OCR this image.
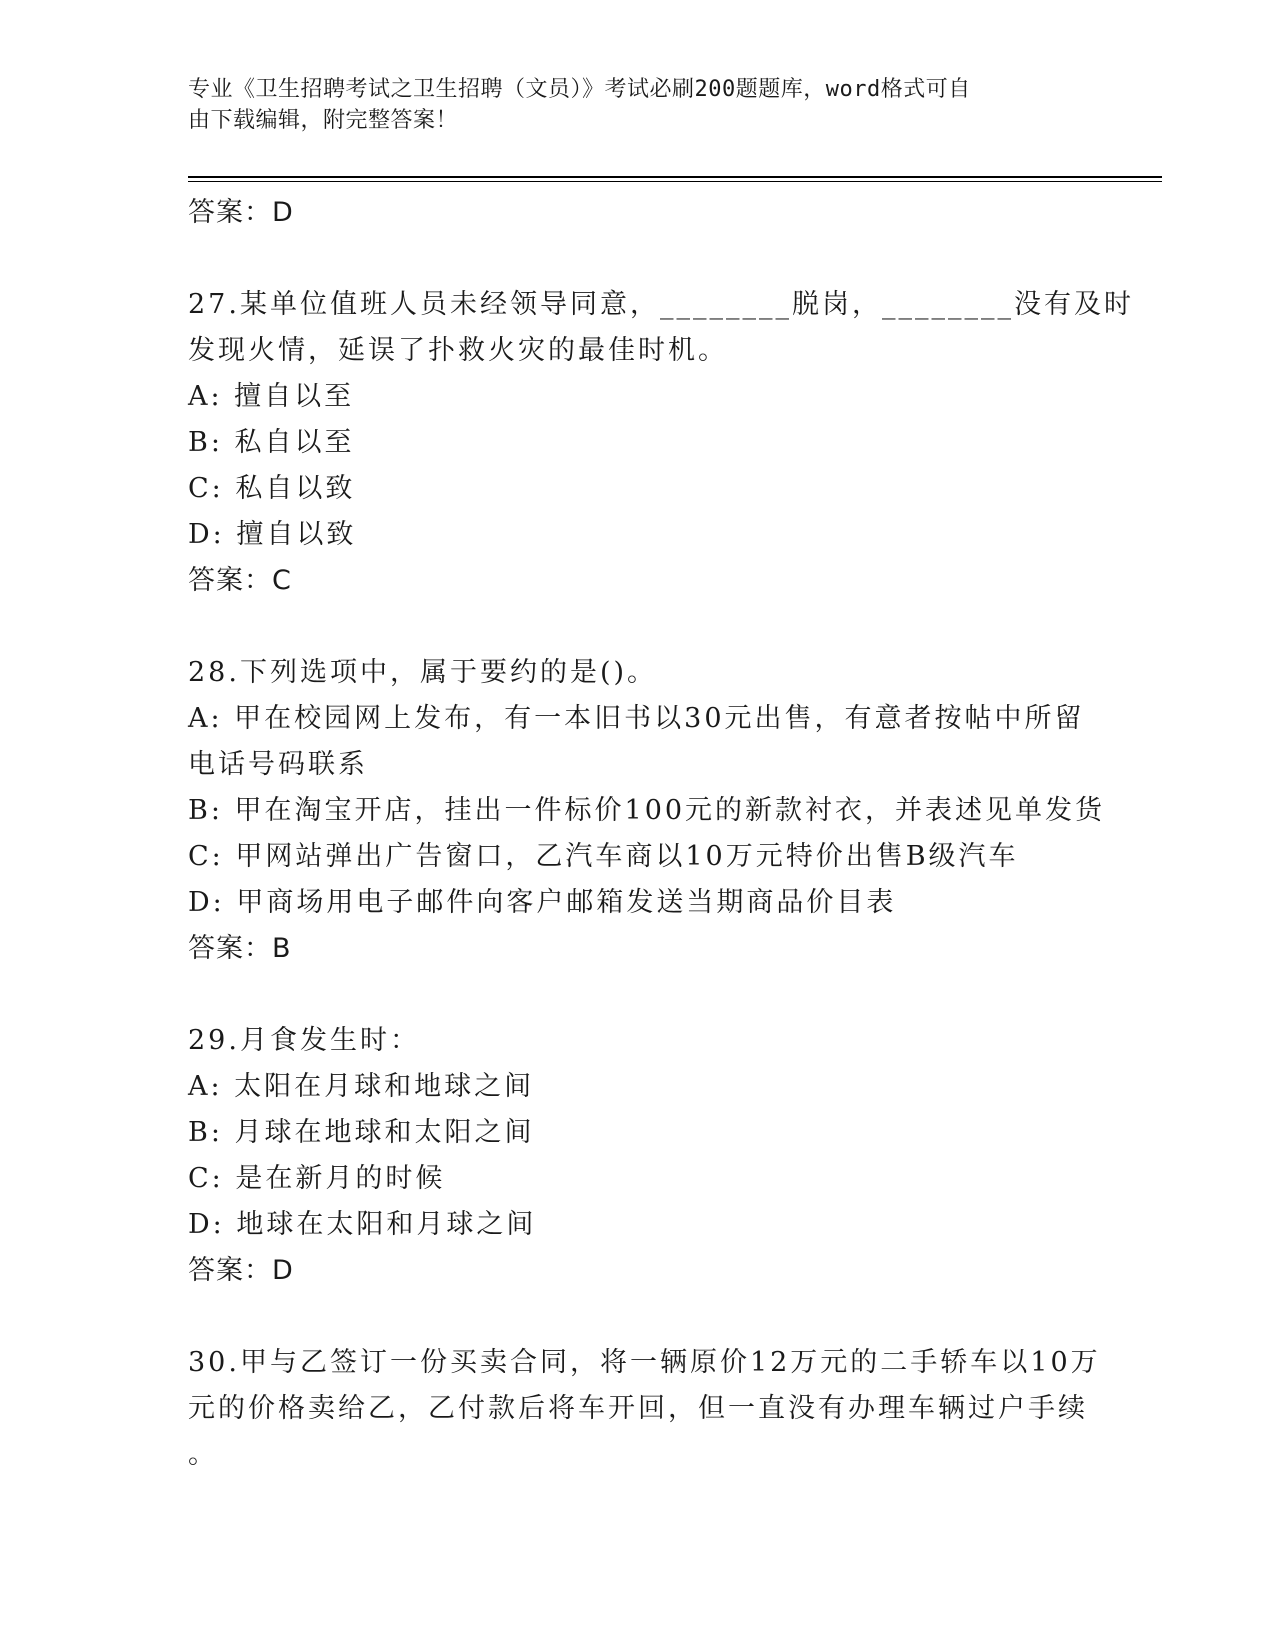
专业《卫生招聘考试之卫生招聘（文员）》考试必刷200题题库，word格式可自
由下载编辑，附完整答案！
答案：D
27.某单位值班人员未经领导同意，________脱岗，________没有及时
发现火情，延误了扑救火灾的最佳时机。
A: 擅自以至
B: 私自以至
C: 私自以致
D: 擅自以致
答案：C
28.下列选项中，属于要约的是()。
A: 甲在校园网上发布，有一本旧书以30元出售，有意者按帖中所留
电话号码联系
B: 甲在淘宝开店，挂出一件标价100元的新款衬衣，并表述见单发货
C: 甲网站弹出广告窗口，乙汽车商以10万元特价出售B级汽车
D: 甲商场用电子邮件向客户邮箱发送当期商品价目表
答案：B
29.月食发生时：
A: 太阳在月球和地球之间
B: 月球在地球和太阳之间
C: 是在新月的时候
D: 地球在太阳和月球之间
答案：D
30.甲与乙签订一份买卖合同，将一辆原价12万元的二手轿车以10万
元的价格卖给乙，乙付款后将车开回，但一直没有办理车辆过户手续
。
